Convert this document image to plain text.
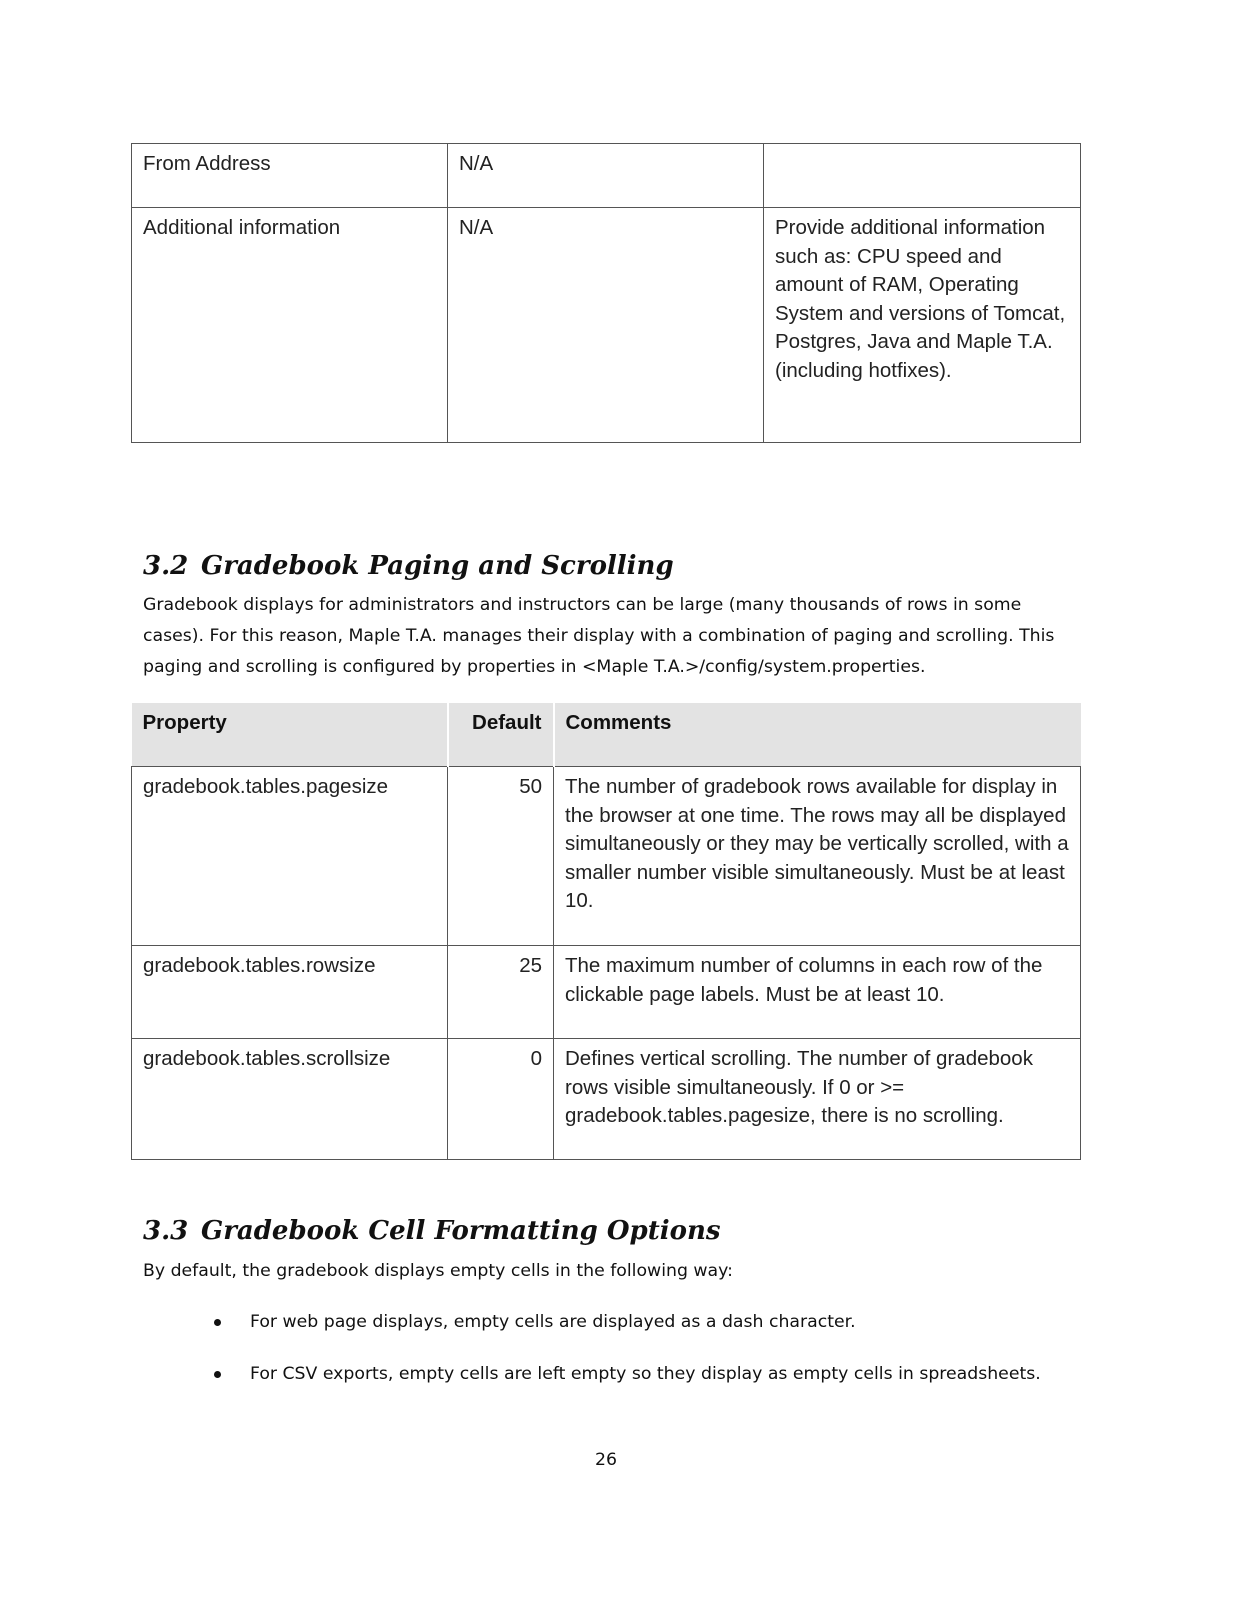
From Address	N/A	
Additional information	N/A	Provide additional information such as: CPU speed and amount of RAM, Operating System and versions of Tomcat, Postgres, Java and Maple T.A. (including hotfixes).
3.2 Gradebook Paging and Scrolling

Gradebook displays for administrators and instructors can be large (many thousands of rows in some cases). For this reason, Maple T.A. manages their display with a combination of paging and scrolling. This paging and scrolling is configured by properties in <Maple T.A.>/config/system.properties.

Property	Default	Comments
gradebook.tables.pagesize	50	The number of gradebook rows available for display in the browser at one time. The rows may all be displayed simultaneously or they may be vertically scrolled, with a smaller number visible simultaneously. Must be at least 10.
gradebook.tables.rowsize	25	The maximum number of columns in each row of the clickable page labels. Must be at least 10.
gradebook.tables.scrollsize	0	Defines vertical scrolling. The number of gradebook rows visible simultaneously. If 0 or >= gradebook.tables.pagesize, there is no scrolling.
3.3 Gradebook Cell Formatting Options

By default, the gradebook displays empty cells in the following way:

For web page displays, empty cells are displayed as a dash character.
For CSV exports, empty cells are left empty so they display as empty cells in spreadsheets.
26
